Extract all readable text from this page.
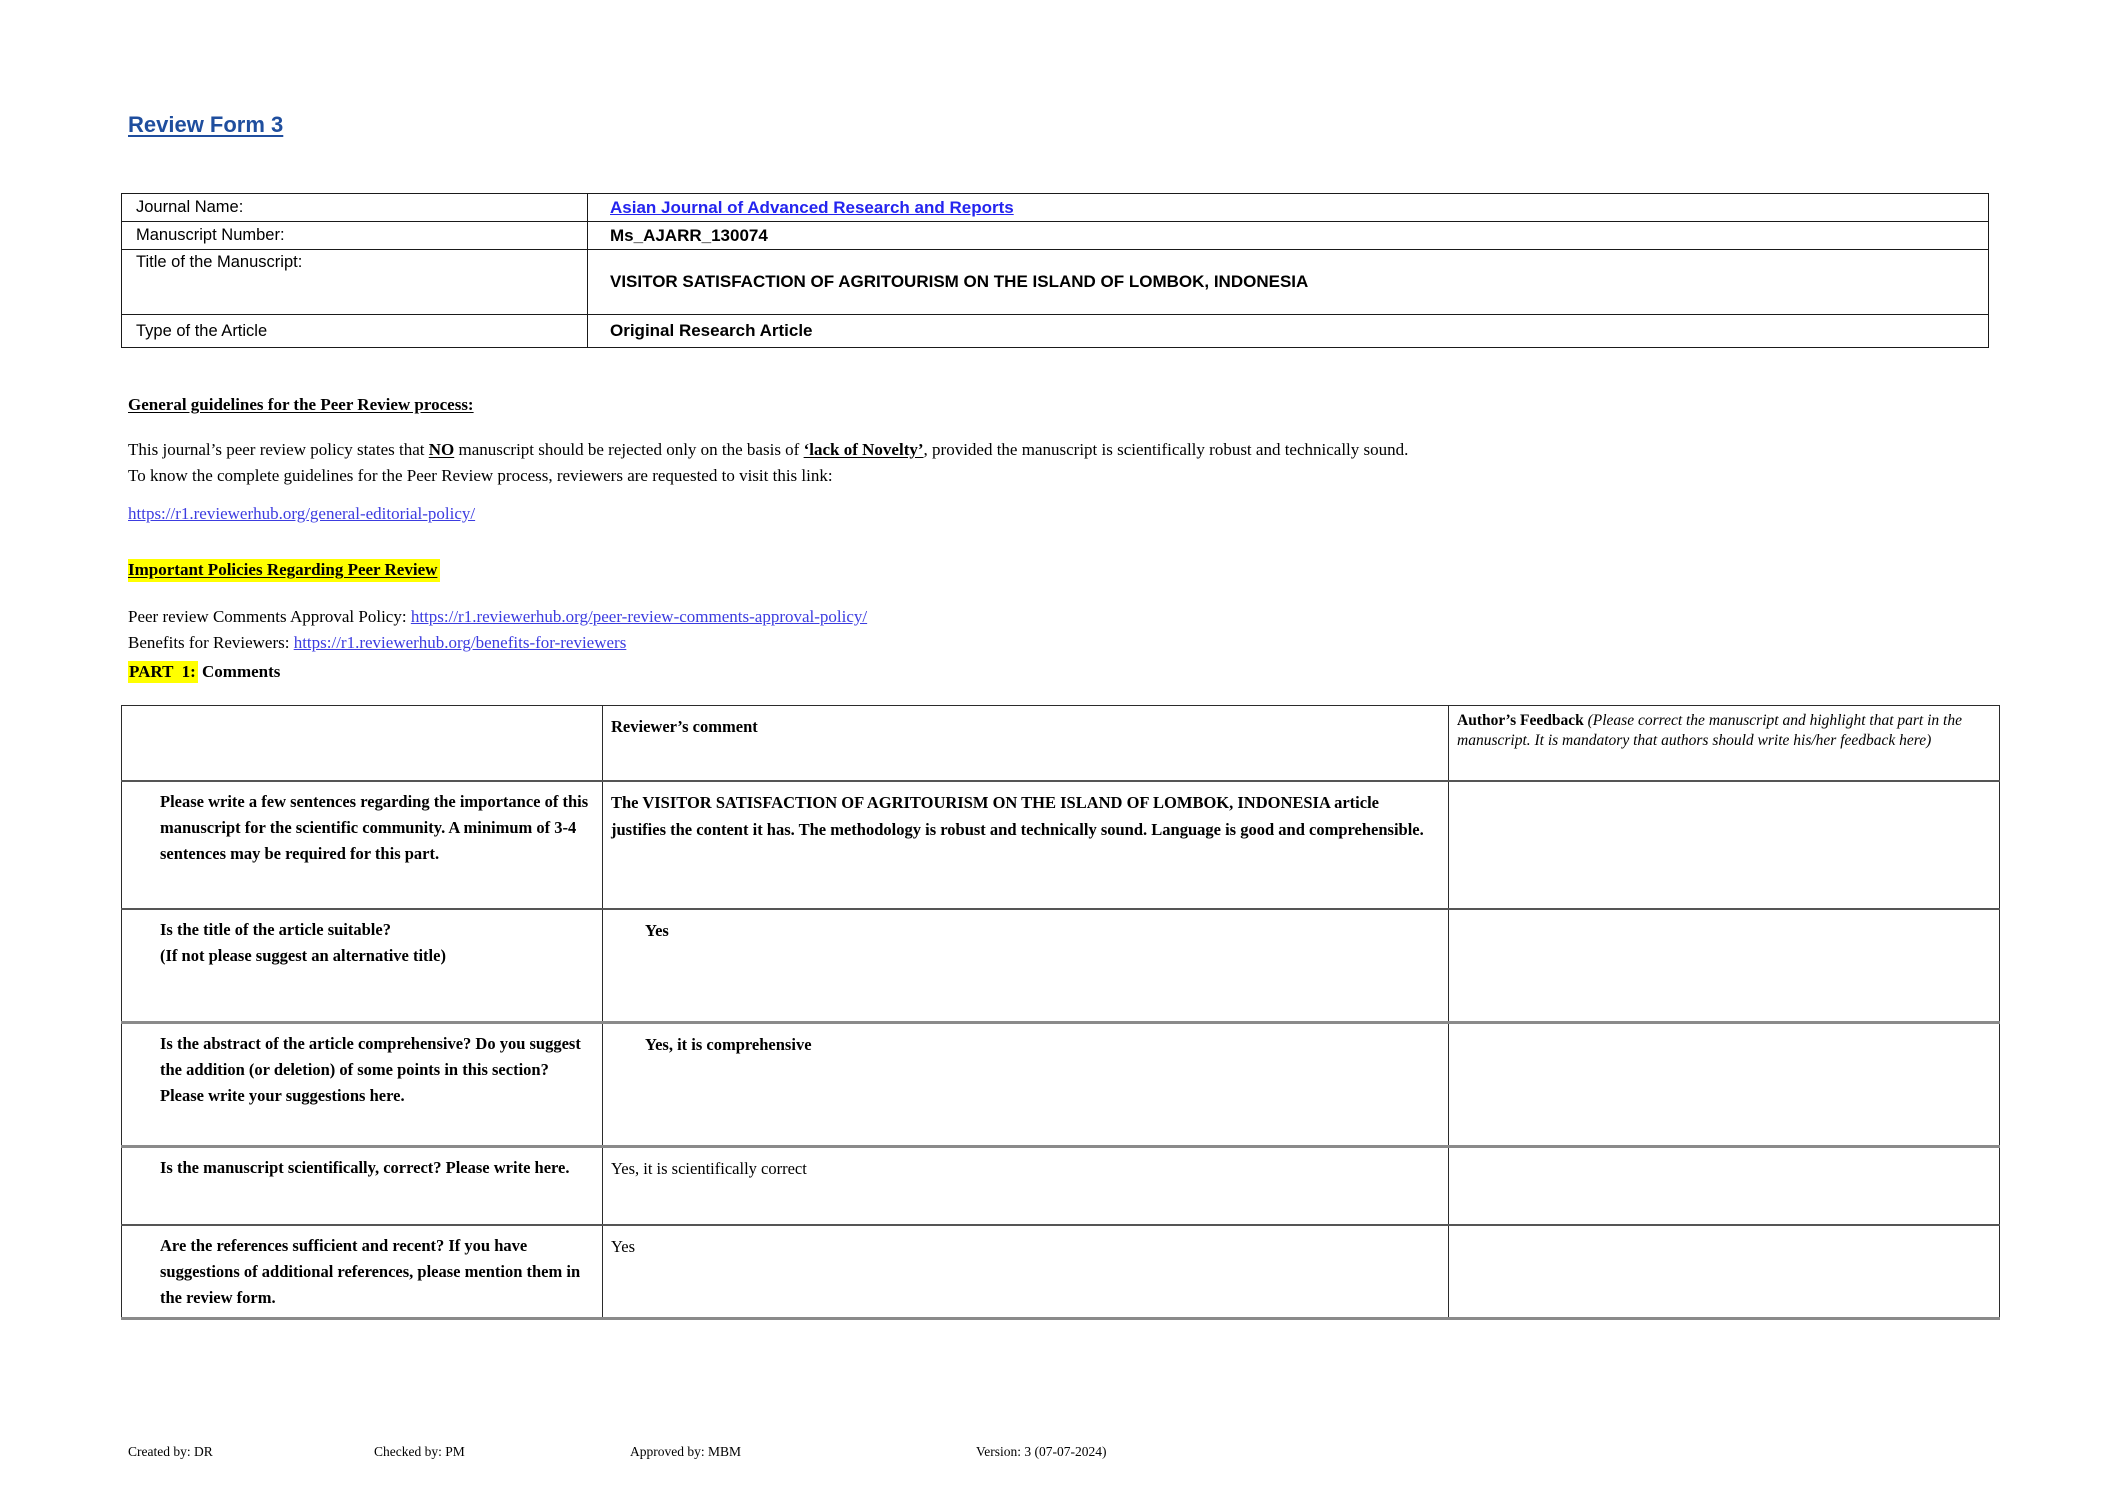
Review Form 3
Journal Name:	Asian Journal of Advanced Research and Reports
Manuscript Number:	Ms_AJARR_130074
Title of the Manuscript:	VISITOR SATISFACTION OF AGRITOURISM ON THE ISLAND OF LOMBOK, INDONESIA
Type of the Article	Original Research Article
General guidelines for the Peer Review process:
This journal’s peer review policy states that NO manuscript should be rejected only on the basis of ‘lack of Novelty’, provided the manuscript is scientifically robust and technically sound.
To know the complete guidelines for the Peer Review process, reviewers are requested to visit this link:
https://r1.reviewerhub.org/general-editorial-policy/
Important Policies Regarding Peer Review
Peer review Comments Approval Policy: https://r1.reviewerhub.org/peer-review-comments-approval-policy/
Benefits for Reviewers: https://r1.reviewerhub.org/benefits-for-reviewers
PART  1: Comments
	Reviewer’s comment	Author’s Feedback (Please correct the manuscript and highlight that part in the manuscript. It is mandatory that authors should write his/her feedback here)
Please write a few sentences regarding the importance of this manuscript for the scientific community. A minimum of 3-4 sentences may be required for this part.	The VISITOR SATISFACTION OF AGRITOURISM ON THE ISLAND OF LOMBOK, INDONESIA article justifies the content it has. The methodology is robust and technically sound. Language is good and comprehensible.	

Is the title of the article suitable?
(If not please suggest an alternative title)	Yes	
Is the abstract of the article comprehensive? Do you suggest the addition (or deletion) of some points in this section? Please write your suggestions here.	Yes, it is comprehensive	
Is the manuscript scientifically, correct? Please write here.	Yes, it is scientifically correct	
Are the references sufficient and recent? If you have suggestions of additional references, please mention them in the review form.	Yes	
Created by: DR	Checked by: PM	Approved by: MBM	Version: 3 (07-07-2024)
